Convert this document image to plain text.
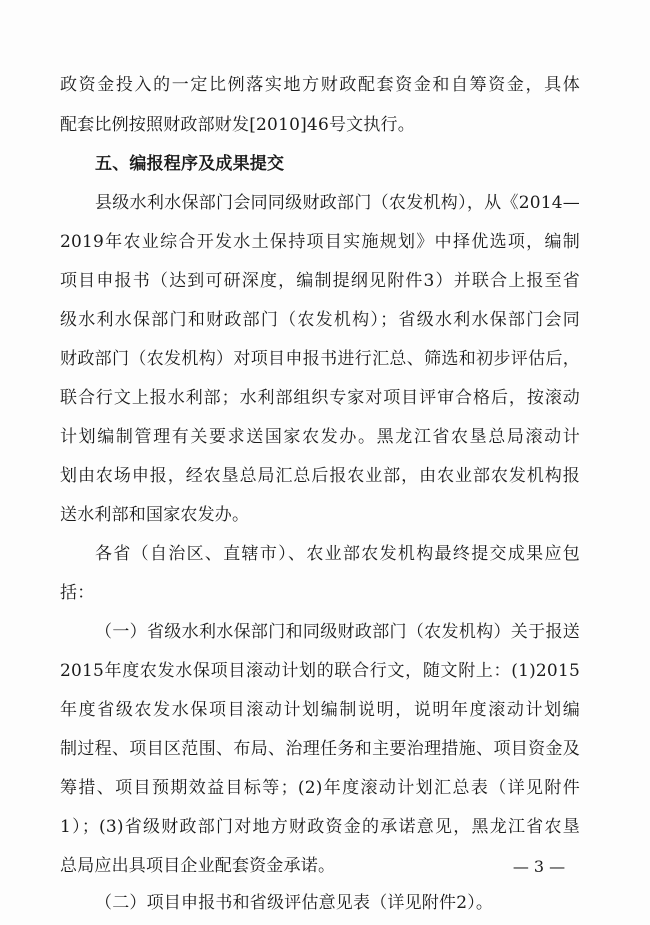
政资金投入的一定比例落实地方财政配套资金和自筹资金，具体
配套比例按照财政部财发[2010]46号文执行。
五、编报程序及成果提交
县级水利水保部门会同同级财政部门（农发机构），从《2014—
2019年农业综合开发水土保持项目实施规划》中择优选项，编制
项目申报书（达到可研深度，编制提纲见附件3）并联合上报至省
级水利水保部门和财政部门（农发机构）；省级水利水保部门会同
财政部门（农发机构）对项目申报书进行汇总、筛选和初步评估后，
联合行文上报水利部；水利部组织专家对项目评审合格后，按滚动
计划编制管理有关要求送国家农发办。黑龙江省农垦总局滚动计
划由农场申报，经农垦总局汇总后报农业部，由农业部农发机构报
送水利部和国家农发办。
各省（自治区、直辖市）、农业部农发机构最终提交成果应包
括：
（一）省级水利水保部门和同级财政部门（农发机构）关于报送
2015年度农发水保项目滚动计划的联合行文，随文附上：(1)2015
年度省级农发水保项目滚动计划编制说明，说明年度滚动计划编
制过程、项目区范围、布局、治理任务和主要治理措施、项目资金及
筹措、项目预期效益目标等；(2)年度滚动计划汇总表（详见附件
1）；(3)省级财政部门对地方财政资金的承诺意见，黑龙江省农垦
总局应出具项目企业配套资金承诺。
（二）项目申报书和省级评估意见表（详见附件2）。
— 3 —
